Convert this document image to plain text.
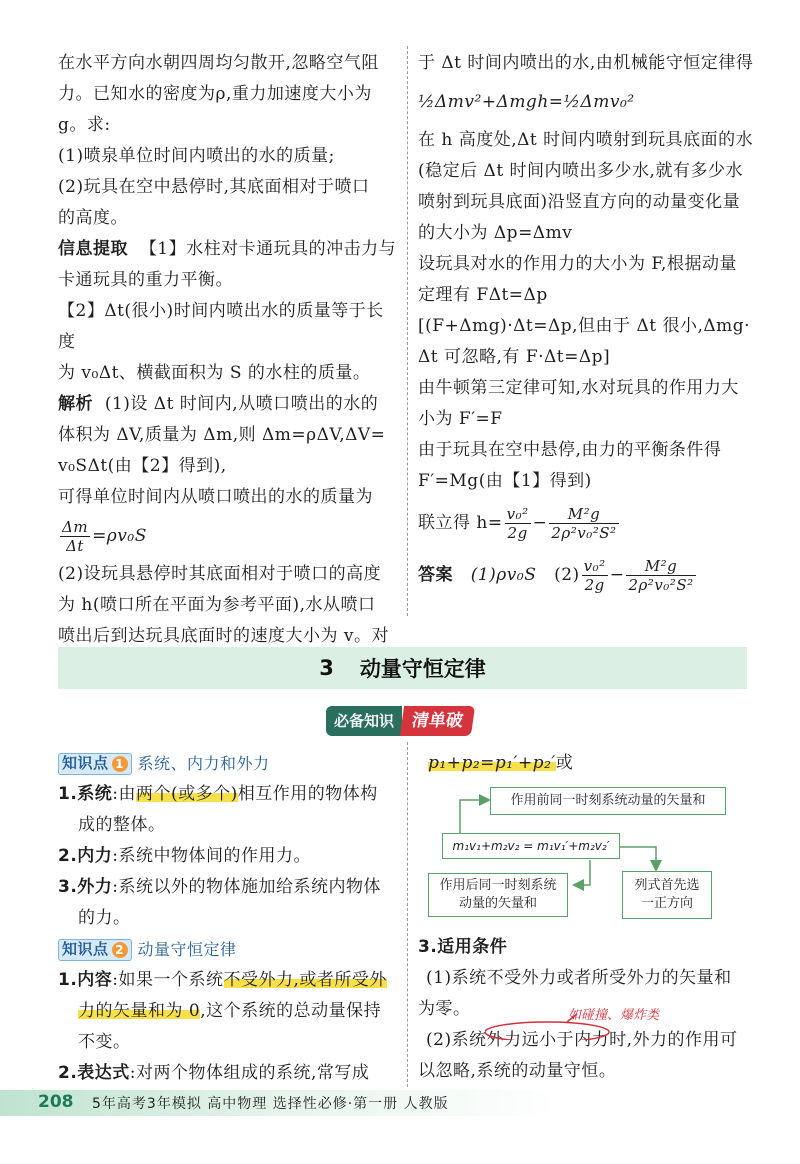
在水平方向水朝四周均匀散开,忽略空气阻

力。已知水的密度为ρ,重力加速度大小为

g。求:

(1)喷泉单位时间内喷出的水的质量;

(2)玩具在空中悬停时,其底面相对于喷口

的高度。

信息提取 【1】水柱对卡通玩具的冲击力与

卡通玩具的重力平衡。

【2】Δt(很小)时间内喷出水的质量等于长度

为 v₀Δt、横截面积为 S 的水柱的质量。

解析 (1)设 Δt 时间内,从喷口喷出的水的

体积为 ΔV,质量为 Δm,则 Δm=ρΔV,ΔV=

v₀SΔt(由【2】得到),

可得单位时间内从喷口喷出的水的质量为

$\frac{\Delta m}{\Delta t} =\rho v_0S$

(2)设玩具悬停时其底面相对于喷口的高度

为 h(喷口所在平面为参考平面),水从喷口

喷出后到达玩具底面时的速度大小为 v。对

于 Δt 时间内喷出的水,由机械能守恒定律得

½Δmv²+Δmgh=½Δmv₀²

在 h 高度处,Δt 时间内喷射到玩具底面的水

(稳定后 Δt 时间内喷出多少水,就有多少水

喷射到玩具底面)沿竖直方向的动量变化量

的大小为 Δp=Δmv

设玩具对水的作用力的大小为 F,根据动量

定理有 FΔt=Δp

[(F+Δmg)·Δt=Δp,但由于 Δt 很小,Δmg·

Δt 可忽略,有 F·Δt=Δp]

由牛顿第三定律可知,水对玩具的作用力大

小为 F′=F

由于玩具在空中悬停,由力的平衡条件得

F′=Mg(由【1】得到)

联立得 $h= \frac{\text{v₀²}}{2g} - \frac{\text{M²g}}{\text{2ρ²v₀²S²}}$
答案
(1)ρv₀S
$(2) \frac{\text{v₀²}}{2g} - \frac{\text{M²g}}{\text{2ρ²v₀²S²}}$
3 动量守恒定律
必备知识 清单破

知识点 1 系统、内力和外力

1.系统:由两个(或多个)相互作用的物体构

成的整体。

2.内力:系统中物体间的作用力。

3.外力:系统以外的物体施加给系统内物体

的力。

知识点 2 动量守恒定律

1.内容:如果一个系统不受外力,或者所受外

力的矢量和为 0,这个系统的总动量保持

不变。

2.表达式:对两个物体组成的系统,常写成

p₁+p₂=p₁′+p₂′或

作用前同一时刻系统动量的矢量和
m₁v₁+m₂v₂ = m₁v₁′+m₂v₂′
作用后同一时刻系统动量的矢量和
列式首先选一正方向

3.适用条件

(1)系统不受外力或者所受外力的矢量和

为零。

(2)系统外力远小于内力时,外力的作用可

以忽略,系统的动量守恒。

如碰撞、爆炸类
208 5年高考3年模拟 高中物理 选择性必修·第一册 人教版
